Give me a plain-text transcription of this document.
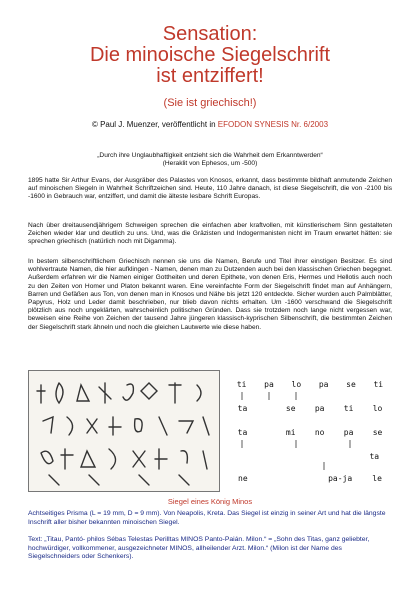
Sensation:
Die minoische Siegelschrift
ist entziffert!
(Sie ist griechisch!)
© Paul J. Muenzer, veröffentlicht in EFODON SYNESIS Nr. 6/2003
„Durch ihre Unglaubhaftigkeit entzieht sich die Wahrheit dem Erkanntwerden“
(Heraklit von Ephesos, um -500)
1895 hatte Sir Arthur Evans, der Ausgräber des Palastes von Knosos, erkannt, dass bestimmte bildhaft anmutende Zeichen auf minoischen Siegeln in Wahrheit Schriftzeichen sind. Heute, 110 Jahre danach, ist diese Siegelschrift, die von -2100 bis -1600 in Gebrauch war, entziffert, und damit die älteste lesbare Schrift Europas.
Nach über dreitausendjährigem Schweigen sprechen die einfachen aber kraftvollen, mit künstlerischem Sinn gestalteten Zeichen wieder klar und deutlich zu uns. Und, was die Gräzisten und Indogermanisten nicht im Traum erwartet hätten: sie sprechen griechisch (natürlich noch mit Digamma).
In bestem silbenschriftlichem Griechisch nennen sie uns die Namen, Berufe und Titel ihrer einstigen Besitzer. Es sind wohlvertraute Namen, die hier aufklingen - Namen, denen man zu Dutzenden auch bei den klassischen Griechen begegnet. Außerdem erfahren wir die Namen einiger Gottheiten und deren Epithete, von denen Eris, Hermes und Hellotis auch noch zu den Zeiten von Homer und Platon bekannt waren. Eine vereinfachte Form der Siegelschrift findet man auf Anhängern, Barren und Gefäßen aus Ton, von denen man in Knosos und Nähe bis jetzt 120 entdeckte. Sicher wurden auch Palmblätter, Papyrus, Holz und Leder damit beschrieben, nur blieb davon nichts erhalten. Um -1600 verschwand die Siegelschrift plötzlich aus noch ungeklärten, wahrscheinlich politischen Gründen. Dass sie trotzdem noch lange nicht vergessen war, beweisen eine Reihe von Zeichen der tausend Jahre jüngeren klassisch-kyprischen Silbenschrift, die bestimmten Zeichen der Siegelschrift stark ähneln und noch die gleichen Lautwerte wie diese haben.
ti pa lo pa se ti
ta	se pa ti lo
ta	mi no pa se
ta
ne	pa-ja	le
Siegel eines König Minos
Achtseitiges Prisma (L = 19 mm, D = 9 mm). Von Neapolis, Kreta. Das Siegel ist einzig in seiner Art und hat die längste Inschrift aller bisher bekannten minoischen Siegel.
Text: „Titau, Pantó- philos Sébas Telestas Perilltas MINOS Panto-Paián. Milon.“ = „Sohn des Titas, ganz geliebter, hochwürdiger, vollkommener, ausgezeichneter MINOS, allheilender Arzt. Milon.“ (Milon ist der Name des Siegelschneiders oder Schenkers).
